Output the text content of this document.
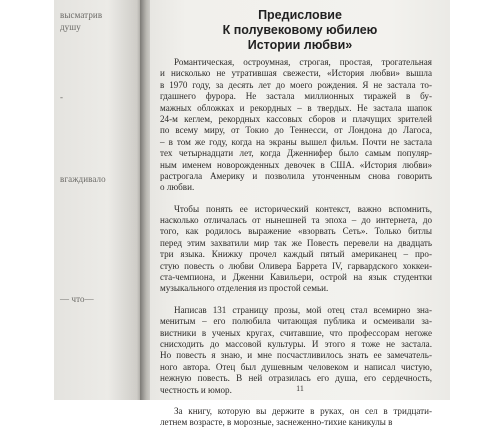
высматрив
душу
-
вгаждивало
— что—
Предисловие
К полувековому юбилею
Истории любви»
Романтическая, остроумная, строгая, простая, трогательная
и нисколько не утратившая свежести, «История любви» вышла
в 1970 году, за десять лет до моего рождения. Я не застала то-
гдашнего фурора. Не застала миллионных тиражей в бу-
мажных обложках и рекордных – в твердых. Не застала шапок
24-м кеглем, рекордных кассовых сборов и плачущих зрителей
по всему миру, от Токио до Теннесси, от Лондона до Лагоса,
– в том же году, когда на экраны вышел фильм. Почти не застала
тех четырнадцати лет, когда Дженнифер было самым популяр-
ным именем новорожденных девочек в США. «История любви»
растрогала Америку и позволила утонченным снова говорить
о любви.
Чтобы понять ее исторический контекст, важно вспомнить,
насколько отличалась от нынешней та эпоха – до интернета, до
того, как родилось выражение «взорвать Сеть». Только битлы
перед этим захватили мир так же Повесть перевели на двадцать
три языка. Книжку прочел каждый пятый американец – про-
стую повесть о любви Оливера Баррета IV, гарвардского хоккеи-
ста-чемпиона, и Дженни Кавильери, острой на язык студентки
музыкального отделения из простой семьи.
Написав 131 страницу прозы, мой отец стал всемирно зна-
менитым – его полюбила читающая публика и осмеивали за-
вистники в ученых кругах, считавшие, что профессорам негоже
снисходить до массовой культуры. И этого я тоже не застала.
Но повесть я знаю, и мне посчастливилось знать ее замечатель-
ного автора. Отец был душевным человеком и написал чистую,
нежную повесть. В ней отразилась его душа, его сердечность,
честность и юмор.
За книгу, которую вы держите в руках, он сел в тридцати-
летнем возрасте, в морозные, заснеженно-тихие каникулы в
11
